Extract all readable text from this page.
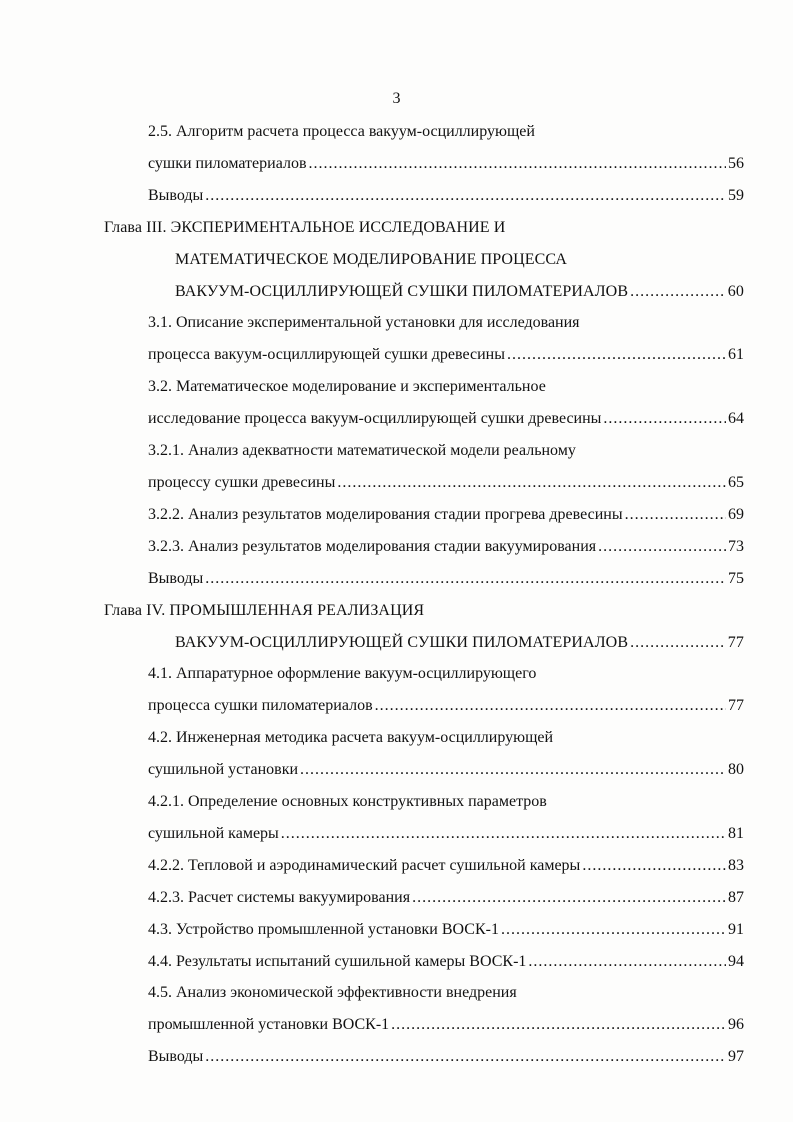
3
2.5. Алгоритм расчета процесса вакуум-осциллирующей
сушки пиломатериалов . . .	56
Выводы . . .	59
Глава III. ЭКСПЕРИМЕНТАЛЬНОЕ ИССЛЕДОВАНИЕ И
МАТЕМАТИЧЕСКОЕ МОДЕЛИРОВАНИЕ ПРОЦЕССА
ВАКУУМ-ОСЦИЛЛИРУЮЩЕЙ СУШКИ ПИЛОМАТЕРИАЛОВ . . .	60
3.1. Описание экспериментальной установки для исследования
процесса вакуум-осциллирующей сушки древесины . . .	61
3.2. Математическое моделирование и экспериментальное
исследование процесса вакуум-осциллирующей сушки древесины . . .	64
3.2.1. Анализ адекватности математической модели реальному
процессу сушки древесины . . .	65
3.2.2. Анализ результатов моделирования стадии прогрева древесины . . .	69
3.2.3. Анализ результатов моделирования стадии вакуумирования . . .	73
Выводы . . .	75
Глава IV. ПРОМЫШЛЕННАЯ РЕАЛИЗАЦИЯ
ВАКУУМ-ОСЦИЛЛИРУЮЩЕЙ СУШКИ ПИЛОМАТЕРИАЛОВ . . .	77
4.1. Аппаратурное оформление вакуум-осциллирующего
процесса сушки пиломатериалов . . .	77
4.2. Инженерная методика расчета вакуум-осциллирующей
сушильной установки . . .	80
4.2.1. Определение основных конструктивных параметров
сушильной камеры . . .	81
4.2.2. Тепловой и аэродинамический расчет сушильной камеры . . .	83
4.2.3. Расчет системы вакуумирования . . .	87
4.3. Устройство промышленной установки ВОСК-1 . . .	91
4.4. Результаты испытаний сушильной камеры ВОСК-1 . . .	94
4.5. Анализ экономической эффективности внедрения
промышленной установки ВОСК-1 . . .	96
Выводы . . .	97
